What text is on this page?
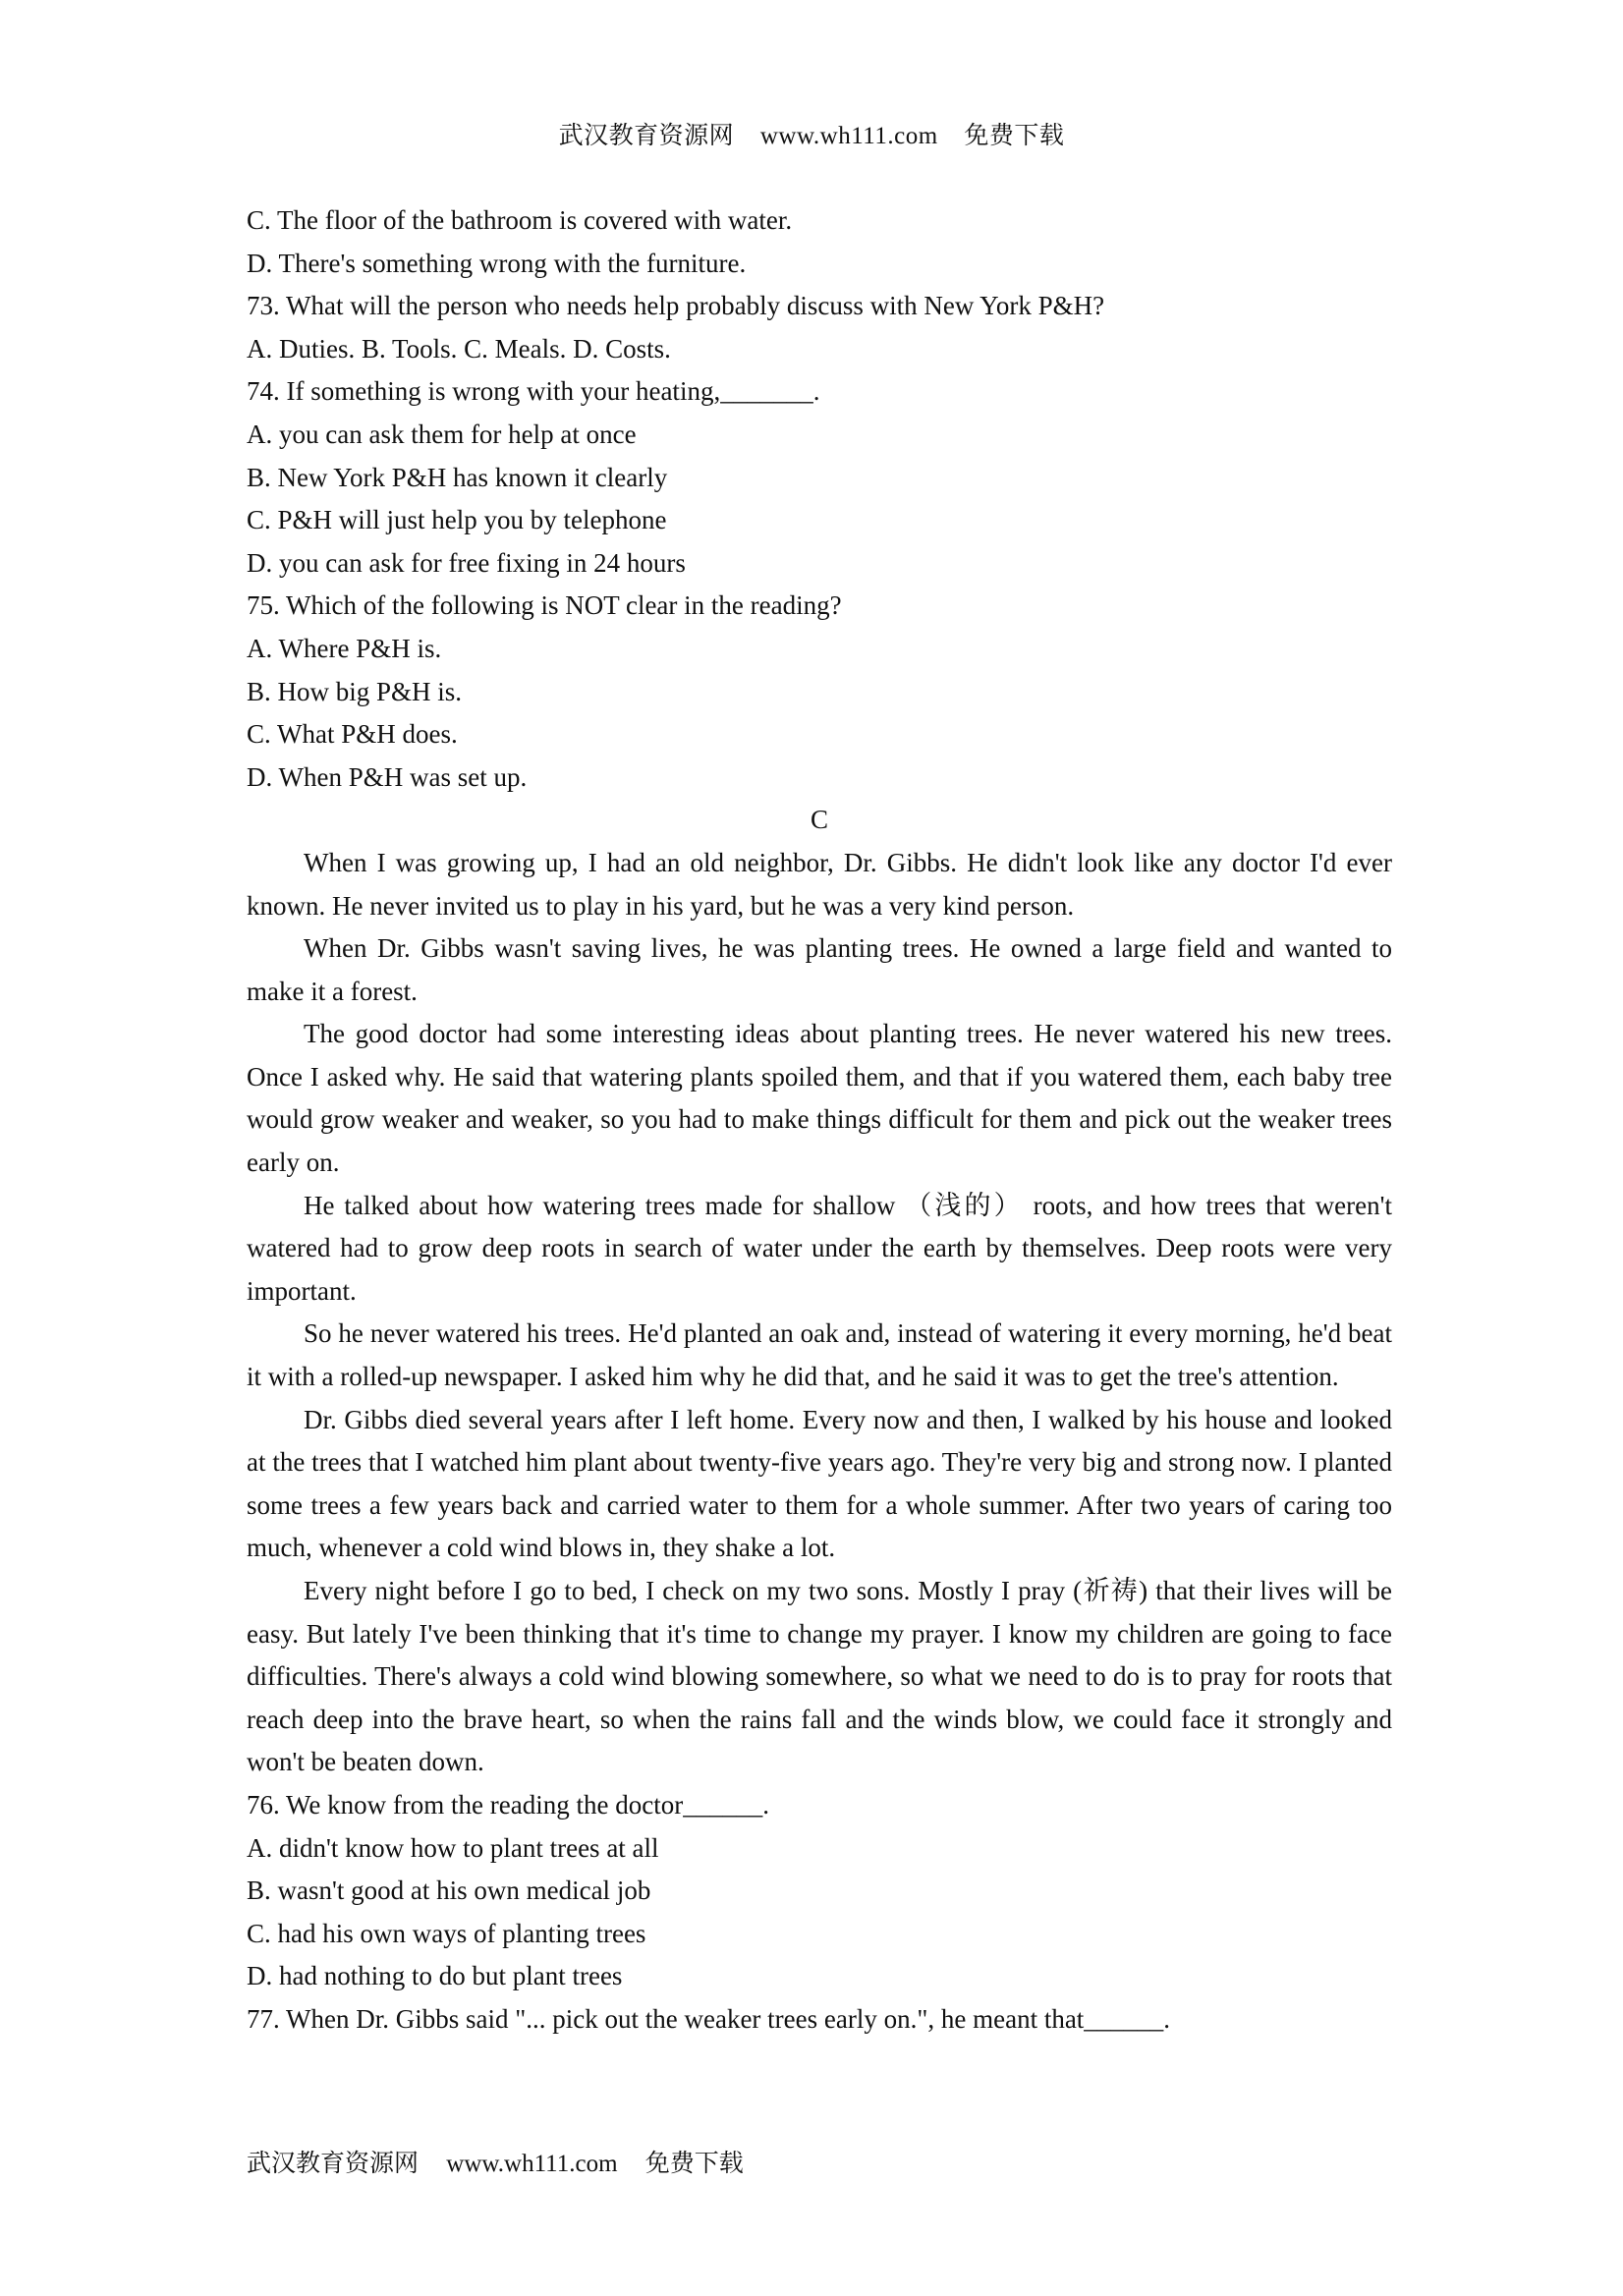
武汉教育资源网 www.wh111.com 免费下载
C. The floor of the bathroom is covered with water.
D. There's something wrong with the furniture.
73. What will the person who needs help probably discuss with New York P&H?
A. Duties. B. Tools. C. Meals. D. Costs.
74. If something is wrong with your heating,_______.
A. you can ask them for help at once
B. New York P&H has known it clearly
C. P&H will just help you by telephone
D. you can ask for free fixing in 24 hours
75. Which of the following is NOT clear in the reading?
A. Where P&H is.
B. How big P&H is.
C. What P&H does.
D. When P&H was set up.
C
When I was growing up, I had an old neighbor, Dr. Gibbs. He didn't look like any doctor I'd ever known. He never invited us to play in his yard, but he was a very kind person.
When Dr. Gibbs wasn't saving lives, he was planting trees. He owned a large field and wanted to make it a forest.
The good doctor had some interesting ideas about planting trees. He never watered his new trees. Once I asked why. He said that watering plants spoiled them, and that if you watered them, each baby tree would grow weaker and weaker, so you had to make things difficult for them and pick out the weaker trees early on.
He talked about how watering trees made for shallow （浅的） roots, and how trees that weren't watered had to grow deep roots in search of water under the earth by themselves. Deep roots were very important.
So he never watered his trees. He'd planted an oak and, instead of watering it every morning, he'd beat it with a rolled-up newspaper. I asked him why he did that, and he said it was to get the tree's attention.
Dr. Gibbs died several years after I left home. Every now and then, I walked by his house and looked at the trees that I watched him plant about twenty-five years ago. They're very big and strong now. I planted some trees a few years back and carried water to them for a whole summer. After two years of caring too much, whenever a cold wind blows in, they shake a lot.
Every night before I go to bed, I check on my two sons. Mostly I pray (祈祷) that their lives will be easy. But lately I've been thinking that it's time to change my prayer. I know my children are going to face difficulties. There's always a cold wind blowing somewhere, so what we need to do is to pray for roots that reach deep into the brave heart, so when the rains fall and the winds blow, we could face it strongly and won't be beaten down.
76. We know from the reading the doctor______.
A. didn't know how to plant trees at all
B. wasn't good at his own medical job
C. had his own ways of planting trees
D. had nothing to do but plant trees
77. When Dr. Gibbs said "... pick out the weaker trees early on.", he meant that______.
武汉教育资源网 www.wh111.com 免费下载
